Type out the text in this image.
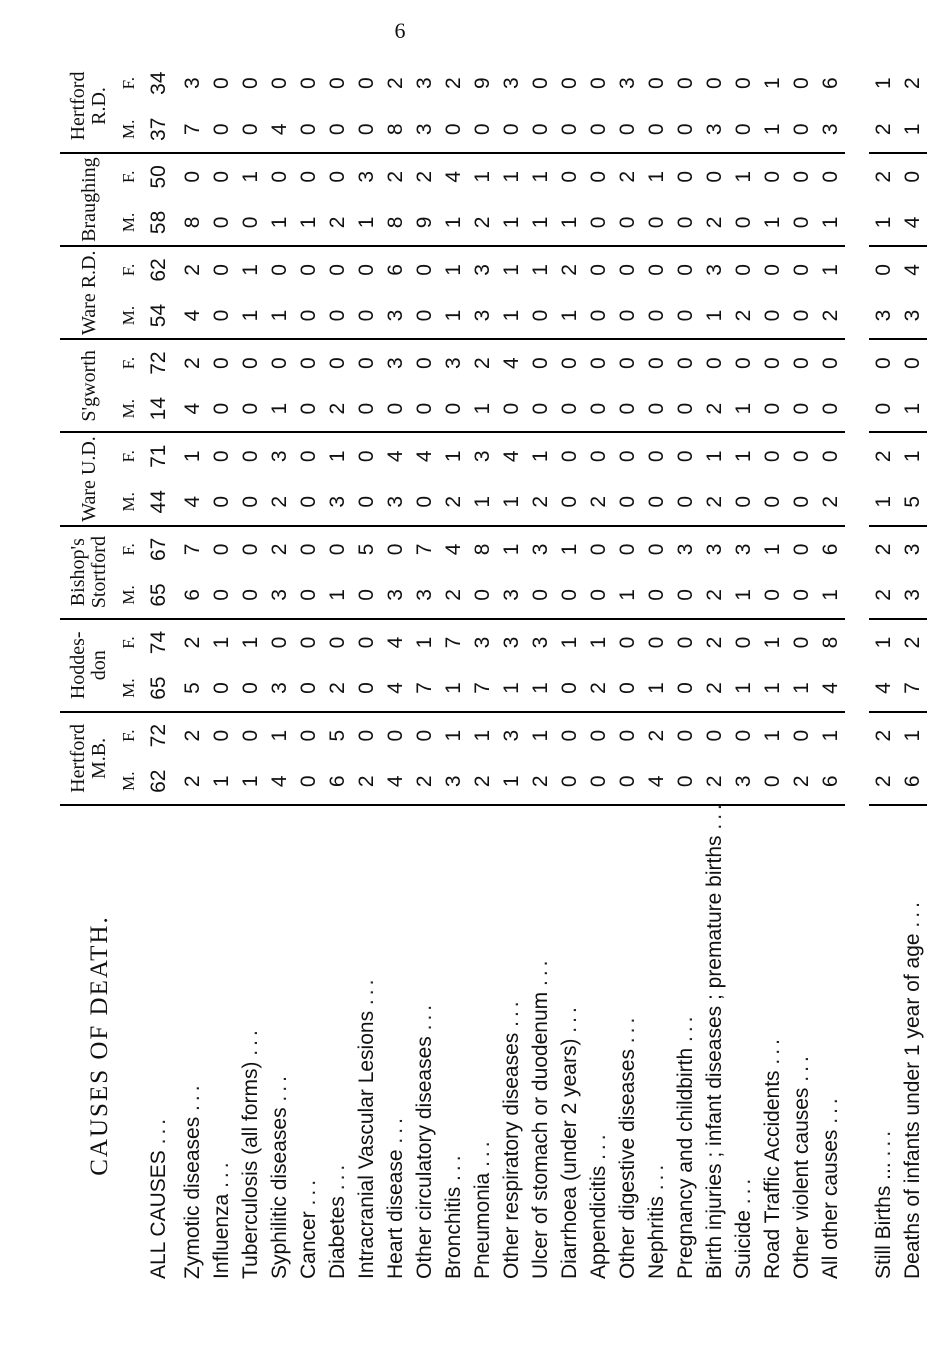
6
CAUSES OF DEATH.	Hertford M.B.		Hoddes-don		Bishop's Stortford		Ware U.D.		S'gworth		Ware R.D.		Braughing		Hertford R.D.	
	M.	F.	M.	F.	M.	F.	M.	F.	M.	F.	M.	F.	M.	F.	M.	F.
ALL CAUSES ...	62	72	65	74	65	67	44	71	14	72	54	62	58	50	37	34
Zymotic diseases ...	2	2	5	2	6	7	4	1	4	2	4	2	8	0	7	3
Influenza ...	1	0	0	1	0	0	0	0	0	0	0	0	0	0	0	0
Tuberculosis (all forms) ...	1	0	0	1	0	0	0	0	0	0	1	1	0	1	0	0
Syphilitic diseases ...	4	1	3	0	3	2	2	3	1	0	1	0	1	0	4	0
Cancer ...	0	0	0	0	0	0	0	0	0	0	0	0	1	0	0	0
Diabetes ...	6	5	2	0	1	0	3	1	2	0	0	0	2	0	0	0
Intracranial Vascular Lesions ...	2	0	0	0	0	5	0	0	0	0	0	0	1	3	0	0
Heart disease ...	4	0	4	4	3	0	3	4	0	3	3	6	8	2	8	2
Other circulatory diseases ...	2	0	7	1	3	7	0	4	0	0	0	0	9	2	3	3
Bronchitis ...	3	1	1	7	2	4	2	1	0	3	1	1	1	4	0	2
Pneumonia ...	2	1	7	3	0	8	1	3	1	2	3	3	2	1	0	9
Other respiratory diseases ...	1	3	1	3	3	1	1	4	0	4	1	1	1	1	0	3
Ulcer of stomach or duodenum ...	2	1	1	3	0	3	2	1	0	0	0	1	1	1	0	0
Diarrhoea (under 2 years) ...	0	0	0	1	0	1	0	0	0	0	1	2	1	0	0	0
Appendicitis ...	0	0	2	1	0	0	2	0	0	0	0	0	0	0	0	0
Other digestive diseases ...	0	0	0	0	1	0	0	0	0	0	0	0	0	2	0	3
Nephritis ...	4	2	1	0	0	0	0	0	0	0	0	0	0	1	0	0
Pregnancy and childbirth ...	0	0	0	0	0	3	0	0	0	0	0	0	0	0	0	0
Birth injuries ; infant diseases ; premature births ...	2	0	2	2	2	3	2	1	2	0	1	3	2	0	3	0
Suicide ...	3	0	1	0	1	3	0	1	1	0	2	0	0	1	0	0
Road Traffic Accidents ...	0	1	1	1	0	1	0	0	0	0	0	0	1	0	1	1
Other violent causes ...	2	0	1	0	0	0	0	0	0	0	0	0	0	0	0	0
All other causes ...	6	1	4	8	1	6	2	0	0	0	2	1	1	0	3	6

Still Births ... ...	2	2	4	1	2	2	1	2	0	0	3	0	1	2	2	1
Deaths of infants under 1 year of age ...	6	1	7	2	3	3	5	1	1	0	3	4	4	0	1	2
